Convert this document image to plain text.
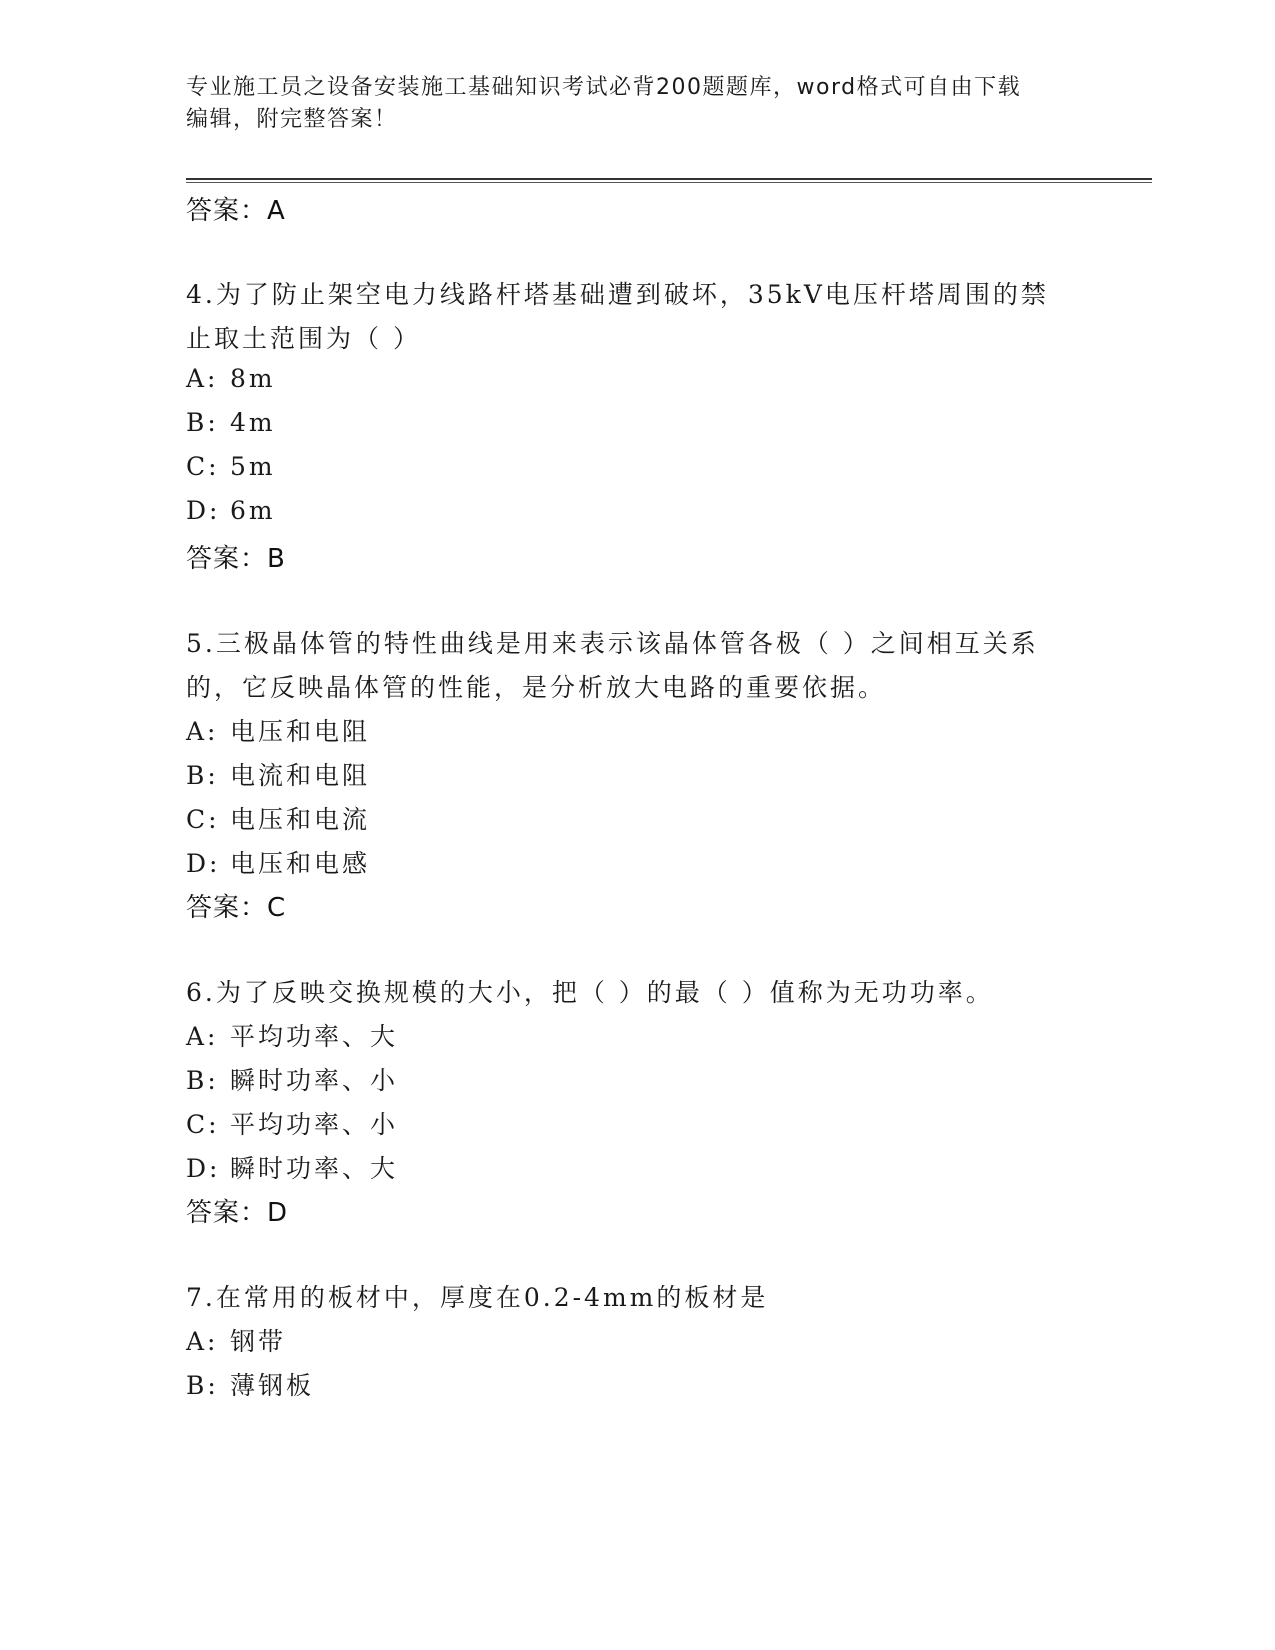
专业施工员之设备安装施工基础知识考试必背200题题库，word格式可自由下载
编辑，附完整答案！
答案：A
4.为了防止架空电力线路杆塔基础遭到破坏，35kV电压杆塔周围的禁
止取土范围为（ ）
A: 8m
B: 4m
C: 5m
D: 6m
答案：B
5.三极晶体管的特性曲线是用来表示该晶体管各极（ ）之间相互关系
的，它反映晶体管的性能，是分析放大电路的重要依据。
A: 电压和电阻
B: 电流和电阻
C: 电压和电流
D: 电压和电感
答案：C
6.为了反映交换规模的大小，把（ ）的最（ ）值称为无功功率。
A: 平均功率、大
B: 瞬时功率、小
C: 平均功率、小
D: 瞬时功率、大
答案：D
7.在常用的板材中，厚度在0.2-4mm的板材是
A: 钢带
B: 薄钢板
